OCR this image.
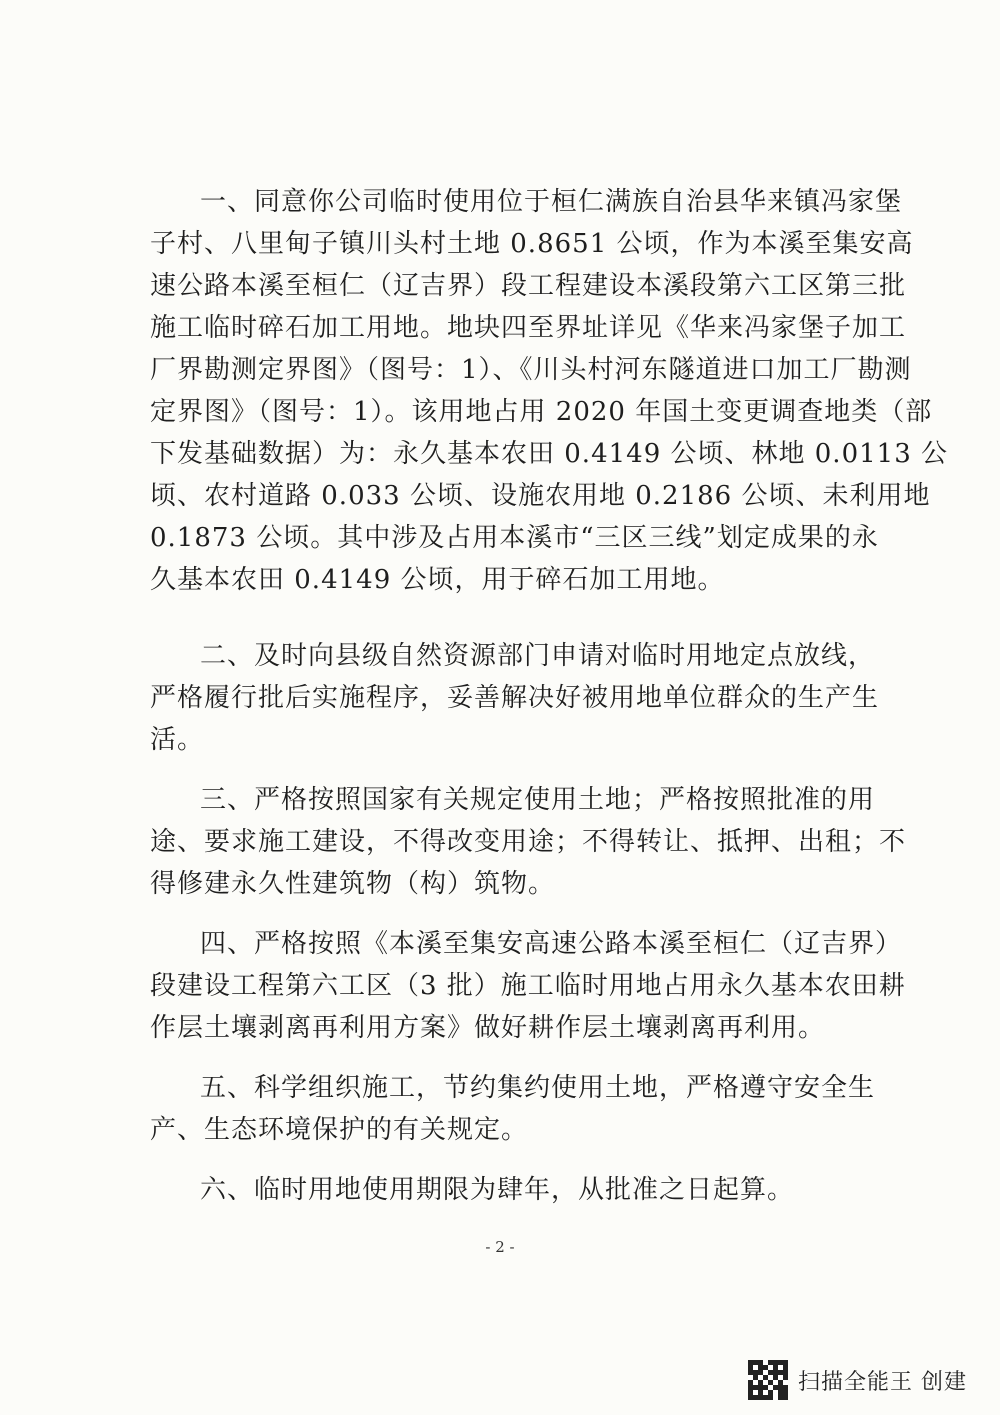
一、同意你公司临时使用位于桓仁满族自治县华来镇冯家堡
子村、八里甸子镇川头村土地 0.8651 公顷，作为本溪至集安高
速公路本溪至桓仁（辽吉界）段工程建设本溪段第六工区第三批
施工临时碎石加工用地。地块四至界址详见《华来冯家堡子加工
厂界勘测定界图》（图号：1）、《川头村河东隧道进口加工厂勘测
定界图》（图号：1）。该用地占用 2020 年国土变更调查地类（部
下发基础数据）为：永久基本农田 0.4149 公顷、林地 0.0113 公
顷、农村道路 0.033 公顷、设施农用地 0.2186 公顷、未利用地
0.1873 公顷。其中涉及占用本溪市“三区三线”划定成果的永
久基本农田 0.4149 公顷，用于碎石加工用地。
二、及时向县级自然资源部门申请对临时用地定点放线，
严格履行批后实施程序，妥善解决好被用地单位群众的生产生
活。
三、严格按照国家有关规定使用土地；严格按照批准的用
途、要求施工建设，不得改变用途；不得转让、抵押、出租；不
得修建永久性建筑物（构）筑物。
四、严格按照《本溪至集安高速公路本溪至桓仁（辽吉界）
段建设工程第六工区（3 批）施工临时用地占用永久基本农田耕
作层土壤剥离再利用方案》做好耕作层土壤剥离再利用。
五、科学组织施工，节约集约使用土地，严格遵守安全生
产、生态环境保护的有关规定。
六、临时用地使用期限为肆年，从批准之日起算。
- 2 -
扫描全能王 创建
